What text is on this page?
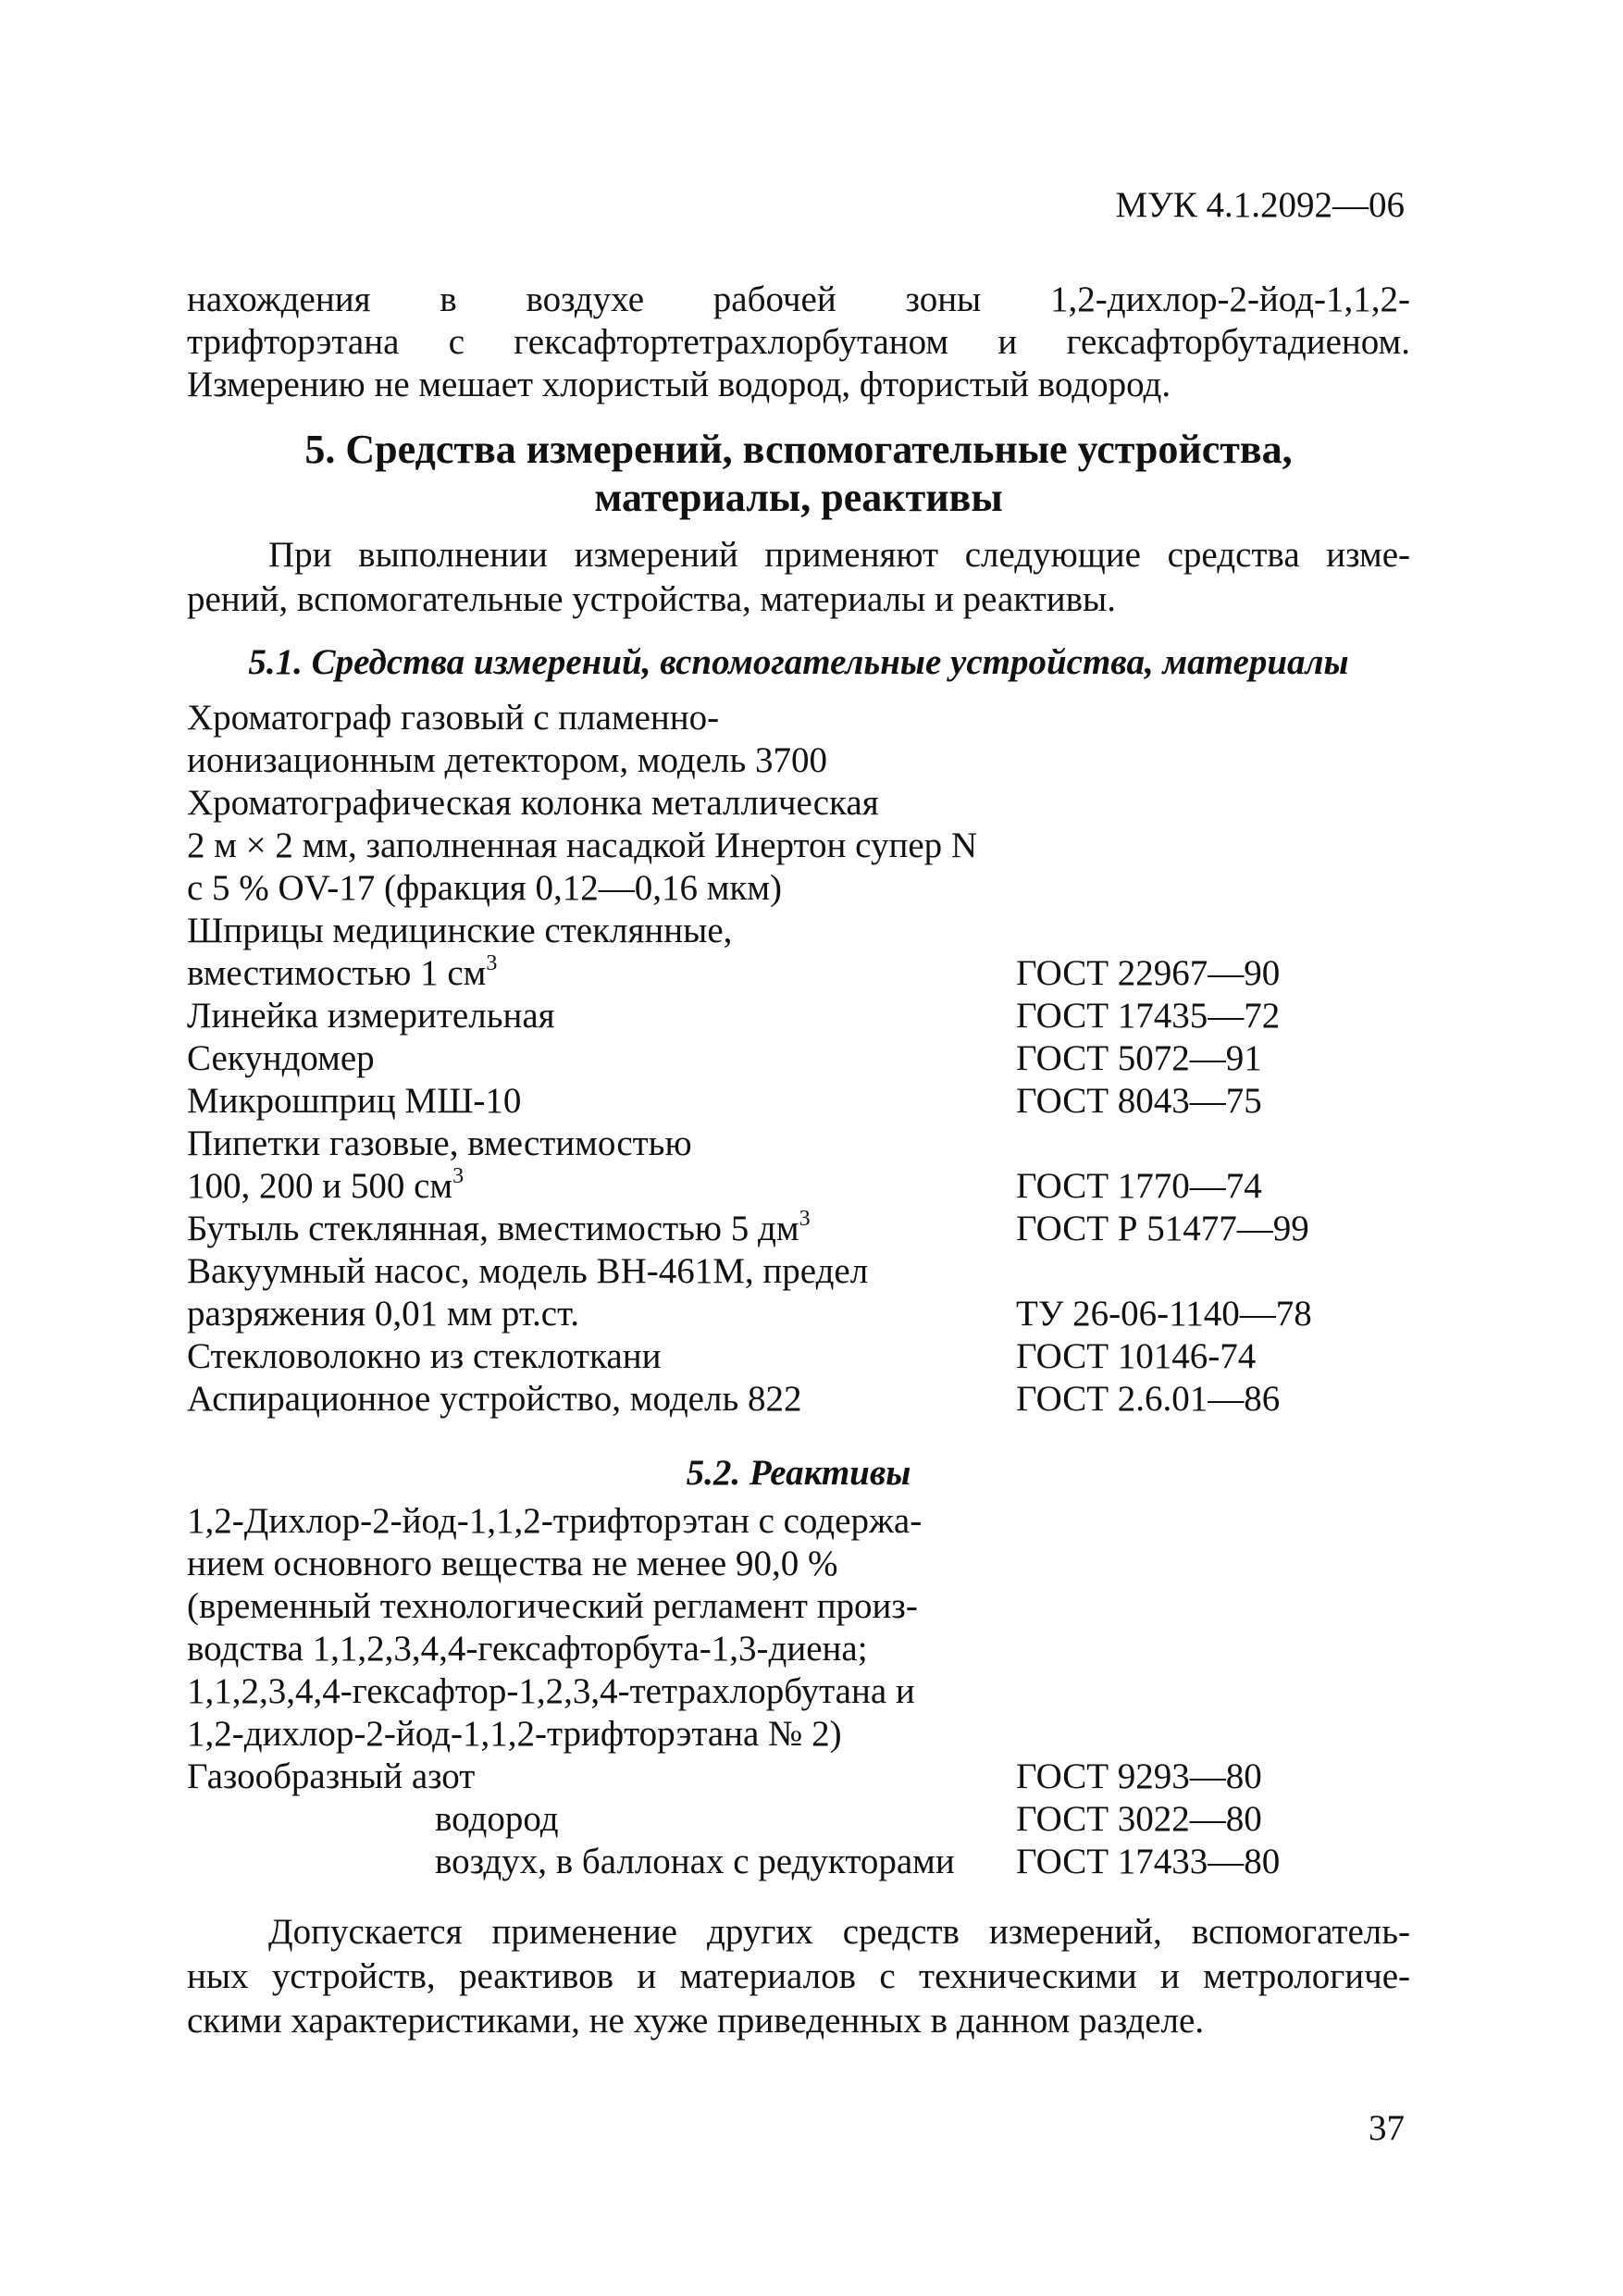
МУК 4.1.2092—06
нахождения в воздухе рабочей зоны 1,2-дихлор-2-йод-1,1,2-
трифторэтана с гексафтортетрахлорбутаном и гексафторбутадиеном.
Измерению не мешает хлористый водород, фтористый водород.
5. Средства измерений, вспомогательные устройства,
материалы, реактивы
При выполнении измерений применяют следующие средства изме-
рений, вспомогательные устройства, материалы и реактивы.
5.1. Средства измерений, вспомогательные устройства, материалы
Хроматограф газовый с пламенно-
ионизационным детектором, модель 3700
Хроматографическая колонка металлическая
2 м × 2 мм, заполненная насадкой Инертон супер N
с 5 % OV-17 (фракция 0,12—0,16 мкм)
Шприцы медицинские стеклянные,
вместимостью 1 $см^3$	ГОСТ 22967—90
Линейка измерительная	ГОСТ 17435—72
Секундомер	ГОСТ 5072—91
Микрошприц МШ-10	ГОСТ 8043—75
Пипетки газовые, вместимостью
100, 200 и 500 $см^3$	ГОСТ 1770—74
Бутыль стеклянная, вместимостью 5 $дм^3$	ГОСТ Р 51477—99
Вакуумный насос, модель ВН-461М, предел
разряжения 0,01 мм рт.ст.	ТУ 26-06-1140—78
Стекловолокно из стеклоткани	ГОСТ 10146-74
Аспирационное устройство, модель 822	ГОСТ 2.6.01—86
5.2. Реактивы
1,2-Дихлор-2-йод-1,1,2-трифторэтан с содержа-
нием основного вещества не менее 90,0 %
(временный технологический регламент произ-
водства 1,1,2,3,4,4-гексафторбута-1,3-диена;
1,1,2,3,4,4-гексафтор-1,2,3,4-тетрахлорбутана и
1,2-дихлор-2-йод-1,1,2-трифторэтана № 2)
Газообразный азот	ГОСТ 9293—80
водород	ГОСТ 3022—80
воздух, в баллонах с редукторами ГОСТ 17433—80
Допускается применение других средств измерений, вспомогатель-
ных устройств, реактивов и материалов с техническими и метрологиче-
скими характеристиками, не хуже приведенных в данном разделе.
37
